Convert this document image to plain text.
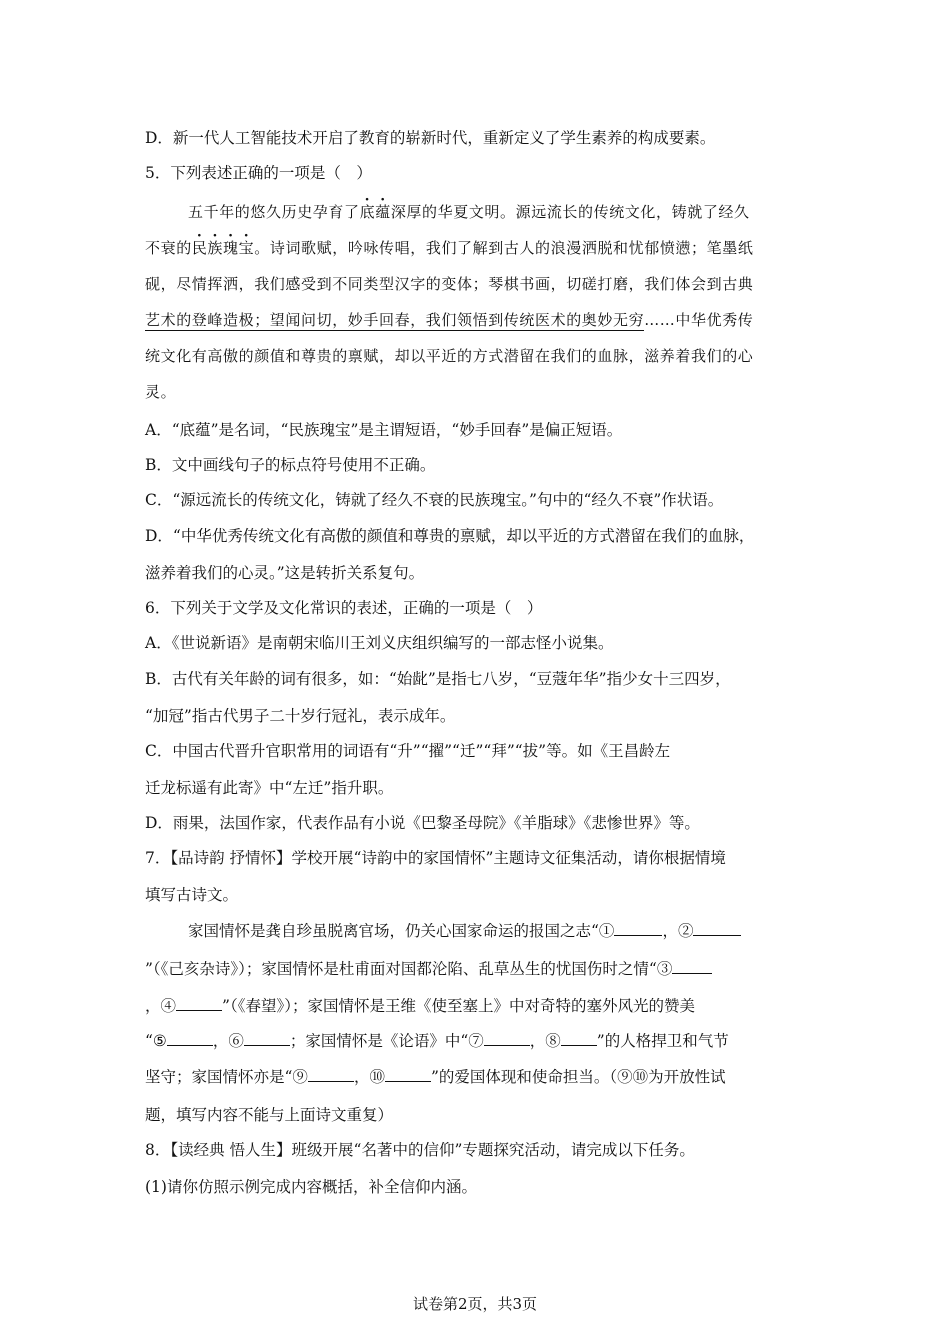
D．新一代人工智能技术开启了教育的崭新时代，重新定义了学生素养的构成要素。
5．下列表述正确的一项是（　）
五千年的悠久历史孕育了底蕴深厚的华夏文明。源远流长的传统文化，铸就了经久
不衰的民族瑰宝。诗词歌赋，吟咏传唱，我们了解到古人的浪漫洒脱和忧郁愤懑；笔墨纸
砚，尽情挥洒，我们感受到不同类型汉字的变体；琴棋书画，切磋打磨，我们体会到古典
艺术的登峰造极；望闻问切，妙手回春，我们领悟到传统医术的奥妙无穷……中华优秀传
统文化有高傲的颜值和尊贵的禀赋，却以平近的方式潜留在我们的血脉，滋养着我们的心
灵。
A．“底蕴”是名词，“民族瑰宝”是主谓短语，“妙手回春”是偏正短语。
B．文中画线句子的标点符号使用不正确。
C．“源远流长的传统文化，铸就了经久不衰的民族瑰宝。”句中的“经久不衰”作状语。
D．“中华优秀传统文化有高傲的颜值和尊贵的禀赋，却以平近的方式潜留在我们的血脉，
滋养着我们的心灵。”这是转折关系复句。
6．下列关于文学及文化常识的表述，正确的一项是（　）
A．《世说新语》是南朝宋临川王刘义庆组织编写的一部志怪小说集。
B．古代有关年龄的词有很多，如：“始龀”是指七八岁，“豆蔻年华”指少女十三四岁，
“加冠”指古代男子二十岁行冠礼，表示成年。
C．中国古代晋升官职常用的词语有“升”“擢”“迁”“拜”“拔”等。如《王昌龄左
迁龙标遥有此寄》中“左迁”指升职。
D．雨果，法国作家，代表作品有小说《巴黎圣母院》《羊脂球》《悲惨世界》等。
7．【品诗韵 抒情怀】学校开展“诗韵中的家国情怀”主题诗文征集活动，请你根据情境
填写古诗文。
家国情怀是龚自珍虽脱离官场，仍关心国家命运的报国之志“①	，②
”（《己亥杂诗》）；家国情怀是杜甫面对国都沦陷、乱草丛生的忧国伤时之情“③
，④	”（《春望》）；家国情怀是王维《使至塞上》中对奇特的塞外风光的赞美
“⑤	，⑥	；家国情怀是《论语》中“⑦	，⑧ ”的人格捍卫和气节
坚守；家国情怀亦是“⑨	，⑩	”的爱国体现和使命担当。（⑨⑩为开放性试
题，填写内容不能与上面诗文重复）
8．【读经典 悟人生】班级开展“名著中的信仰”专题探究活动，请完成以下任务。
(1)请你仿照示例完成内容概括，补全信仰内涵。
试卷第2页，共3页
